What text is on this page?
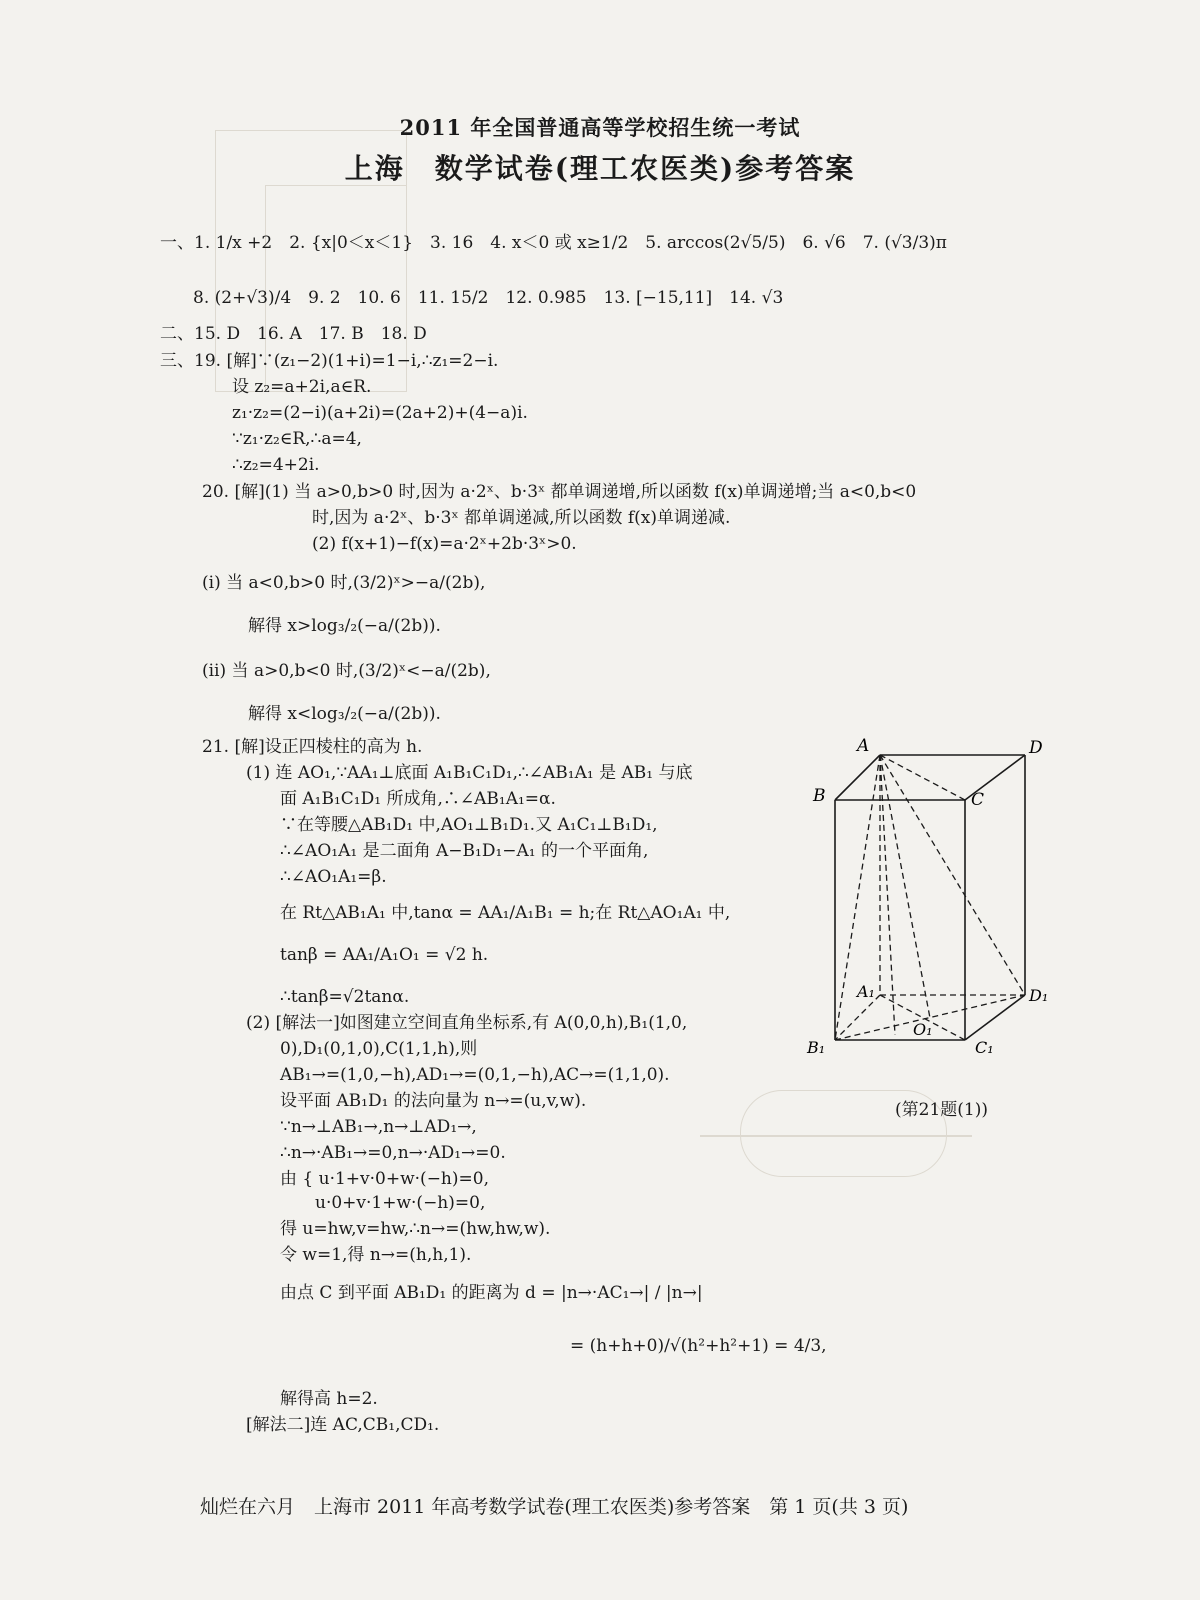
2011 年全国普通高等学校招生统一考试
上海　数学试卷(理工农医类)参考答案
一、1. 1/x +2　2. {x|0＜x＜1}　3. 16　4. x＜0 或 x≥1/2　5. arccos(2√5/5)　6. √6　7. (√3/3)π
8. (2+√3)/4　9. 2　10. 6　11. 15/2　12. 0.985　13. [−15,11]　14. √3
二、15. D　16. A　17. B　18. D
三、19. [解]∵(z₁−2)(1+i)=1−i,∴z₁=2−i.
设 z₂=a+2i,a∈R.
z₁·z₂=(2−i)(a+2i)=(2a+2)+(4−a)i.
∵z₁·z₂∈R,∴a=4,
∴z₂=4+2i.
20. [解](1) 当 a>0,b>0 时,因为 a·2ˣ、b·3ˣ 都单调递增,所以函数 f(x)单调递增;当 a<0,b<0
时,因为 a·2ˣ、b·3ˣ 都单调递减,所以函数 f(x)单调递减.
(2) f(x+1)−f(x)=a·2ˣ+2b·3ˣ>0.
(ⅰ) 当 a<0,b>0 时,(3/2)ˣ>−a/(2b),
解得 x>log₃/₂(−a/(2b)).
(ⅱ) 当 a>0,b<0 时,(3/2)ˣ<−a/(2b),
解得 x<log₃/₂(−a/(2b)).
21. [解]设正四棱柱的高为 h.
(1) 连 AO₁,∵AA₁⊥底面 A₁B₁C₁D₁,∴∠AB₁A₁ 是 AB₁ 与底
面 A₁B₁C₁D₁ 所成角,∴∠AB₁A₁=α.
∵在等腰△AB₁D₁ 中,AO₁⊥B₁D₁.又 A₁C₁⊥B₁D₁,
∴∠AO₁A₁ 是二面角 A−B₁D₁−A₁ 的一个平面角,
∴∠AO₁A₁=β.
在 Rt△AB₁A₁ 中,tanα = AA₁/A₁B₁ = h;在 Rt△AO₁A₁ 中,
tanβ = AA₁/A₁O₁ = √2 h.
∴tanβ=√2tanα.
(2) [解法一]如图建立空间直角坐标系,有 A(0,0,h),B₁(1,0,
0),D₁(0,1,0),C(1,1,h),则
AB₁→=(1,0,−h),AD₁→=(0,1,−h),AC→=(1,1,0).
设平面 AB₁D₁ 的法向量为 n→=(u,v,w).
∵n→⊥AB₁→,n→⊥AD₁→,
∴n→·AB₁→=0,n→·AD₁→=0.
由 { u·1+v·0+w·(−h)=0,
u·0+v·1+w·(−h)=0,
得 u=hw,v=hw,∴n→=(hw,hw,w).
令 w=1,得 n→=(h,h,1).
由点 C 到平面 AB₁D₁ 的距离为 d = |n→·AC₁→| / |n→|
= (h+h+0)/√(h²+h²+1) = 4/3,
解得高 h=2.
[解法二]连 AC,CB₁,CD₁.
A	D
B	C
A₁	D₁
O₁
B₁	C₁
(第21题(1))
灿烂在六月　上海市 2011 年高考数学试卷(理工农医类)参考答案　第 1 页(共 3 页)
